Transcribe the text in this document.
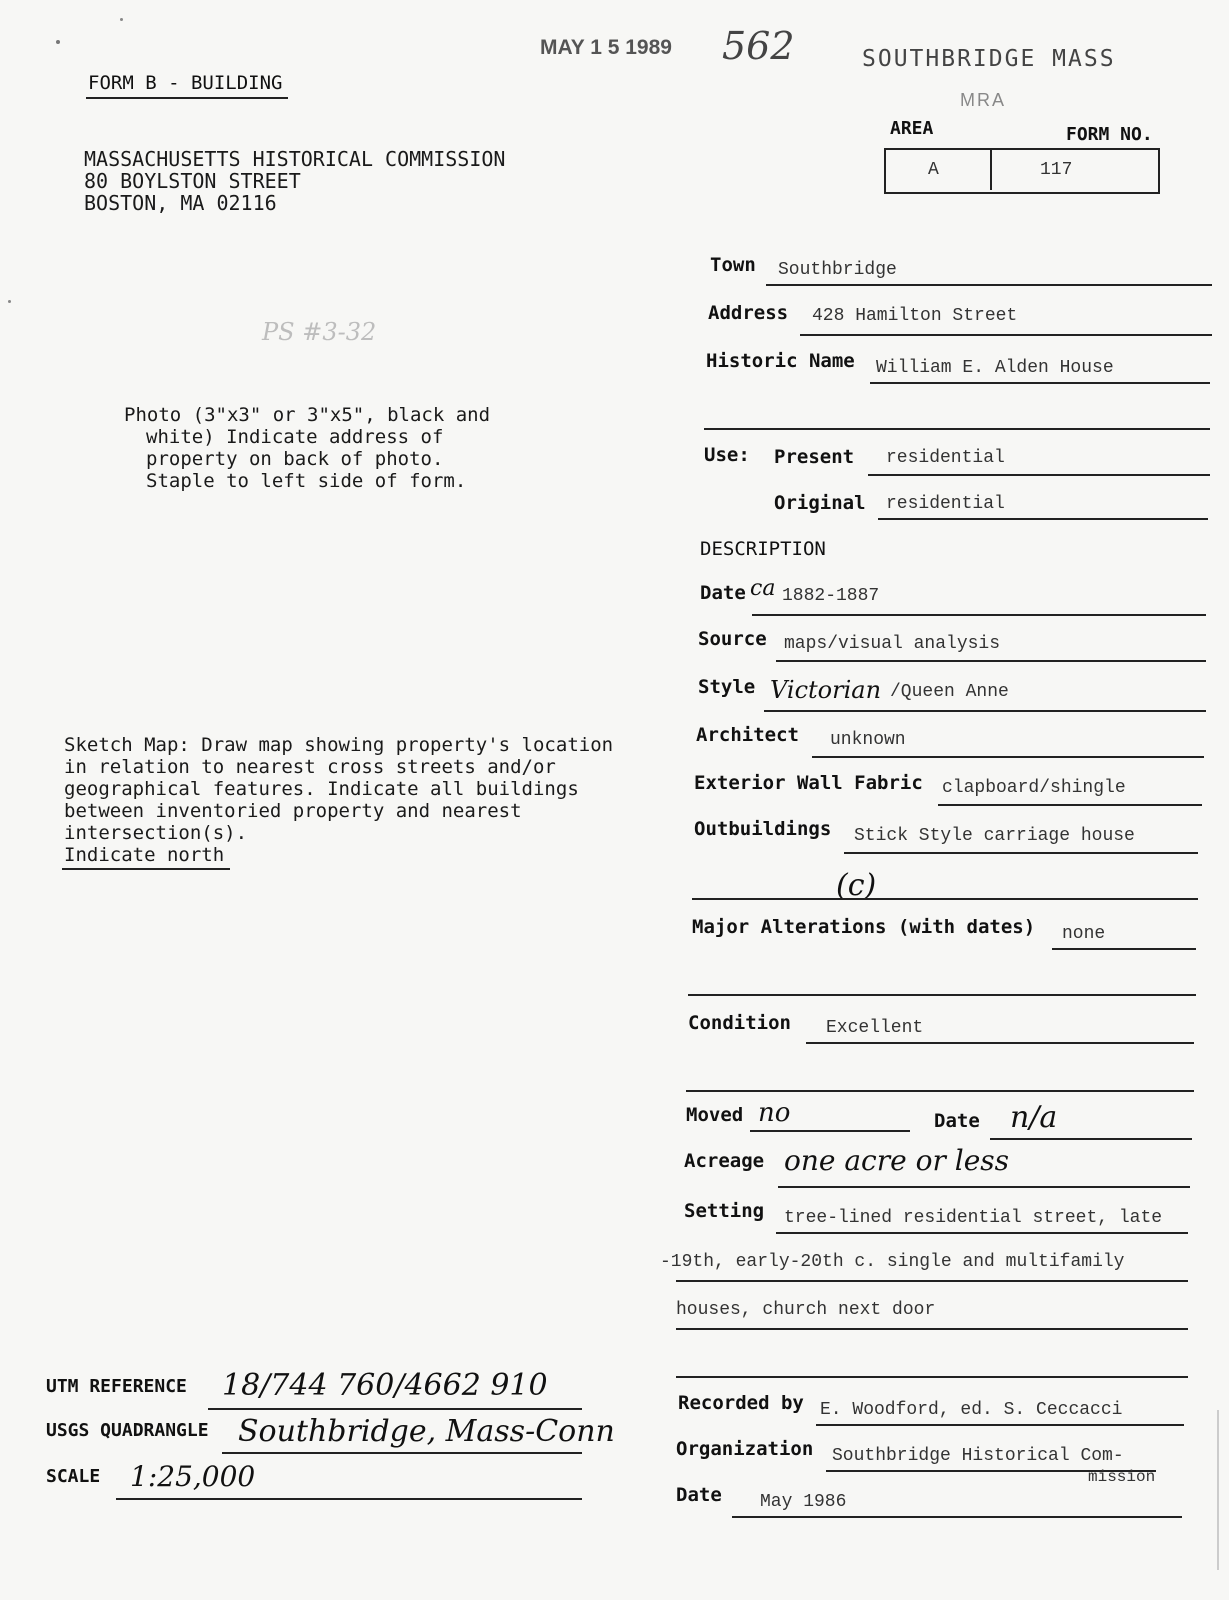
MAY 1 5 1989 562	SOUTHBRIDGE MASS
MRA
FORM B - BUILDING
MASSACHUSETTS HISTORICAL COMMISSION
80 BOYLSTON STREET
BOSTON, MA 02116
PS #3-32
AREA	FORM NO.
A	117
Photo (3"x3" or 3"x5", black and
white) Indicate address of
property on back of photo.
Staple to left side of form.
Sketch Map: Draw map showing property's location
in relation to nearest cross streets and/or
geographical features. Indicate all buildings
between inventoried property and nearest
intersection(s).
Indicate north
Town Southbridge
Address 428 Hamilton Street
Historic Name William E. Alden House
Use: Present residential
Original residential
DESCRIPTION
Date ca 1882-1887
Source maps/visual analysis
Style Victorian /Queen Anne
Architect unknown
Exterior Wall Fabric clapboard/shingle
Outbuildings Stick Style carriage house
(c)
Major Alterations (with dates) none
Condition Excellent
Moved no	Date n/a
Acreage one acre or less
Setting tree-lined residential street, late
-19th, early-20th c. single and multifamily
houses, church next door
Recorded by E. Woodford, ed. S. Ceccacci
Organization Southbridge Historical Com-
mission
Date May 1986
UTM REFERENCE 18/744 760/4662 910
USGS QUADRANGLE Southbridge, Mass-Conn
SCALE 1:25,000
